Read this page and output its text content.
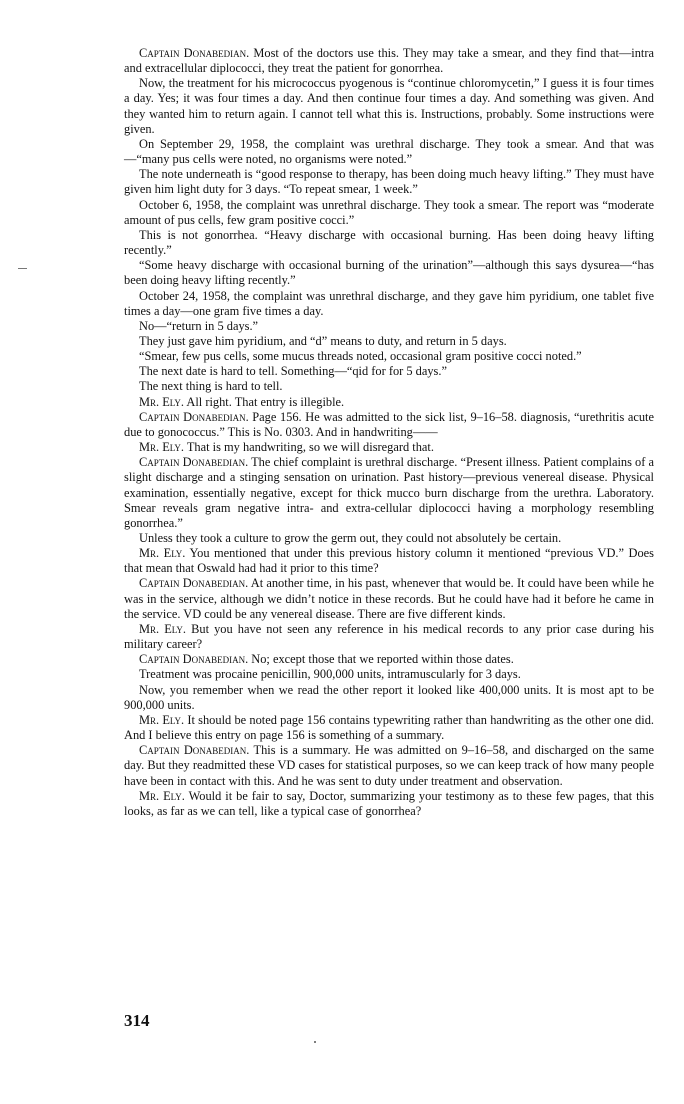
Captain Donabedian. Most of the doctors use this. They may take a smear, and they find that—intra and extracellular diplococci, they treat the patient for gonorrhea.

Now, the treatment for his micrococcus pyogenous is “continue chloromycetin,” I guess it is four times a day. Yes; it was four times a day. And then continue four times a day. And something was given. And they wanted him to return again. I cannot tell what this is. Instructions, probably. Some instructions were given.

On September 29, 1958, the complaint was urethral discharge. They took a smear. And that was—“many pus cells were noted, no organisms were noted.”

The note underneath is “good response to therapy, has been doing much heavy lifting.” They must have given him light duty for 3 days. “To repeat smear, 1 week.”

October 6, 1958, the complaint was unrethral discharge. They took a smear. The report was “moderate amount of pus cells, few gram positive cocci.”

This is not gonorrhea. “Heavy discharge with occasional burning. Has been doing heavy lifting recently.”

“Some heavy discharge with occasional burning of the urination”—although this says dysurea—“has been doing heavy lifting recently.”

October 24, 1958, the complaint was unrethral discharge, and they gave him pyridium, one tablet five times a day—one gram five times a day.

No—“return in 5 days.”

They just gave him pyridium, and “d” means to duty, and return in 5 days.

“Smear, few pus cells, some mucus threads noted, occasional gram positive cocci noted.”

The next date is hard to tell. Something—“qid for for 5 days.”

The next thing is hard to tell.

Mr. Ely. All right. That entry is illegible.

Captain Donabedian. Page 156. He was admitted to the sick list, 9–16–58. diagnosis, “urethritis acute due to gonococcus.” This is No. 0303. And in handwriting——

Mr. Ely. That is my handwriting, so we will disregard that.

Captain Donabedian. The chief complaint is urethral discharge. “Present illness. Patient complains of a slight discharge and a stinging sensation on urination. Past history—previous venereal disease. Physical examination, essentially negative, except for thick mucco burn discharge from the urethra. Laboratory. Smear reveals gram negative intra- and extra-cellular diplococci having a morphology resembling gonorrhea.”

Unless they took a culture to grow the germ out, they could not absolutely be certain.

Mr. Ely. You mentioned that under this previous history column it mentioned “previous VD.” Does that mean that Oswald had had it prior to this time?

Captain Donabedian. At another time, in his past, whenever that would be. It could have been while he was in the service, although we didn’t notice in these records. But he could have had it before he came in the service. VD could be any venereal disease. There are five different kinds.

Mr. Ely. But you have not seen any reference in his medical records to any prior case during his military career?

Captain Donabedian. No; except those that we reported within those dates.

Treatment was procaine penicillin, 900,000 units, intramuscularly for 3 days.

Now, you remember when we read the other report it looked like 400,000 units. It is most apt to be 900,000 units.

Mr. Ely. It should be noted page 156 contains typewriting rather than handwriting as the other one did. And I believe this entry on page 156 is something of a summary.

Captain Donabedian. This is a summary. He was admitted on 9–16–58, and discharged on the same day. But they readmitted these VD cases for statistical purposes, so we can keep track of how many people have been in contact with this. And he was sent to duty under treatment and observation.

Mr. Ely. Would it be fair to say, Doctor, summarizing your testimony as to these few pages, that this looks, as far as we can tell, like a typical case of gonorrhea?

314
